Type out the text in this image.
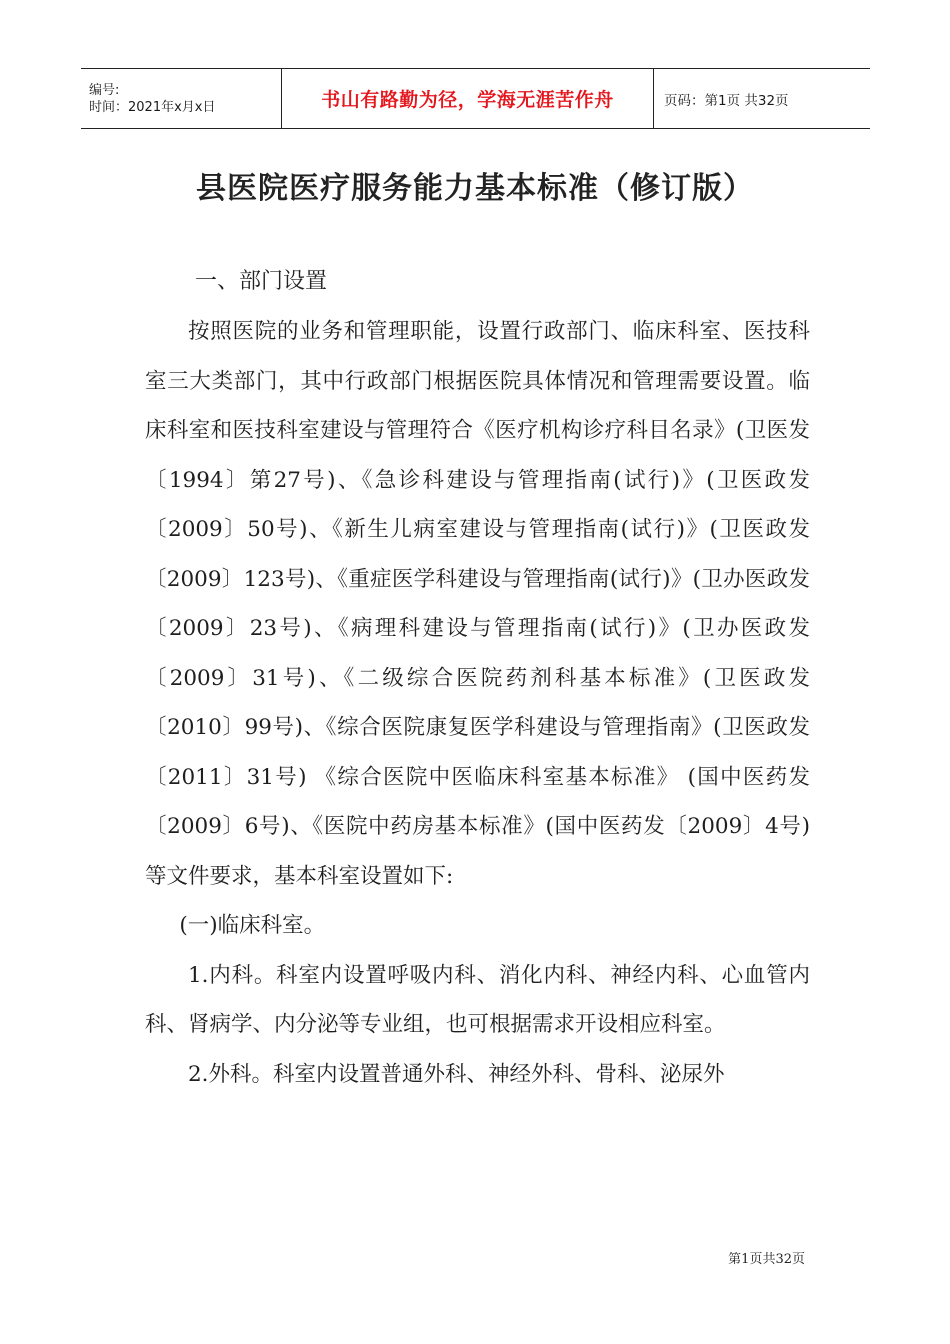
编号:
时间：2021年x月x日	书山有路勤为径，学海无涯苦作舟	页码：第1页 共32页
县医院医疗服务能力基本标准（修订版）
一、部门设置

按照医院的业务和管理职能，设置行政部门、临床科室、医技科室三大类部门，其中行政部门根据医院具体情况和管理需要设置。临床科室和医技科室建设与管理符合《医疗机构诊疗科目名录》(卫医发〔1994〕第27号)、《急诊科建设与管理指南(试行)》(卫医政发〔2009〕50号)、《新生儿病室建设与管理指南(试行)》(卫医政发〔2009〕123号)、《重症医学科建设与管理指南(试行)》(卫办医政发〔2009〕23号)、《病理科建设与管理指南(试行)》(卫办医政发〔2009〕31号)、《二级综合医院药剂科基本标准》(卫医政发〔2010〕99号)、《综合医院康复医学科建设与管理指南》(卫医政发〔2011〕31号) 《综合医院中医临床科室基本标准》 (国中医药发〔2009〕6号)、《医院中药房基本标准》(国中医药发〔2009〕4号)等文件要求，基本科室设置如下:

(一)临床科室。

1.内科。科室内设置呼吸内科、消化内科、神经内科、心血管内科、肾病学、内分泌等专业组，也可根据需求开设相应科室。

2.外科。科室内设置普通外科、神经外科、骨科、泌尿外

第1页共32页
